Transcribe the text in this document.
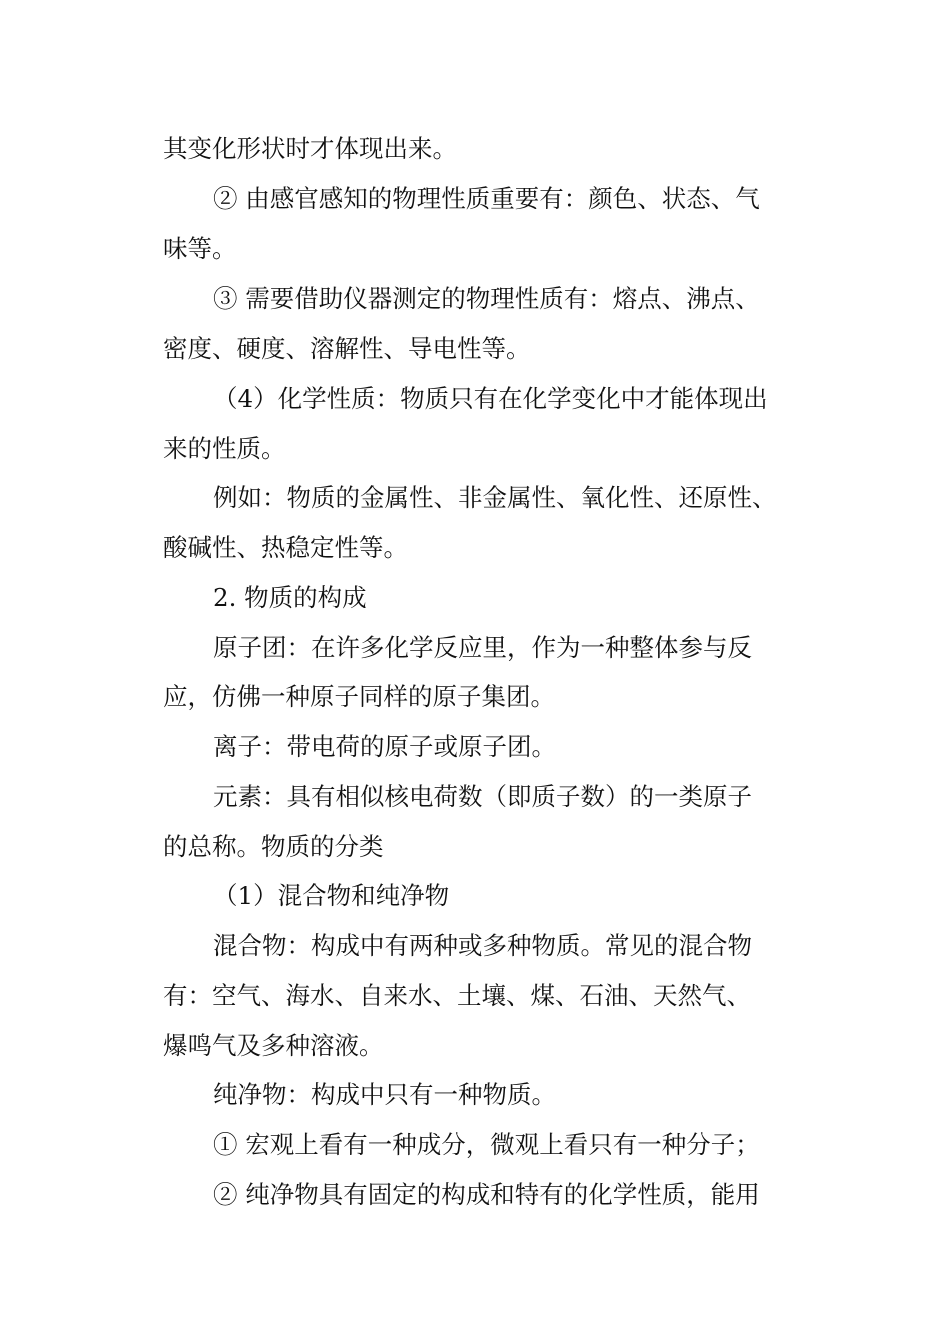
其变化形状时才体现出来。
② 由感官感知的物理性质重要有：颜色、状态、气
味等。
③ 需要借助仪器测定的物理性质有：熔点、沸点、
密度、硬度、溶解性、导电性等。
（4）化学性质：物质只有在化学变化中才能体现出
来的性质。
例如：物质的金属性、非金属性、氧化性、还原性、
酸碱性、热稳定性等。
2. 物质的构成
原子团：在许多化学反应里，作为一种整体参与反
应，仿佛一种原子同样的原子集团。
离子：带电荷的原子或原子团。
元素：具有相似核电荷数（即质子数）的一类原子
的总称。物质的分类
（1）混合物和纯净物
混合物：构成中有两种或多种物质。常见的混合物
有：空气、海水、自来水、土壤、煤、石油、天然气、
爆鸣气及多种溶液。
纯净物：构成中只有一种物质。
① 宏观上看有一种成分，微观上看只有一种分子；
② 纯净物具有固定的构成和特有的化学性质，能用
